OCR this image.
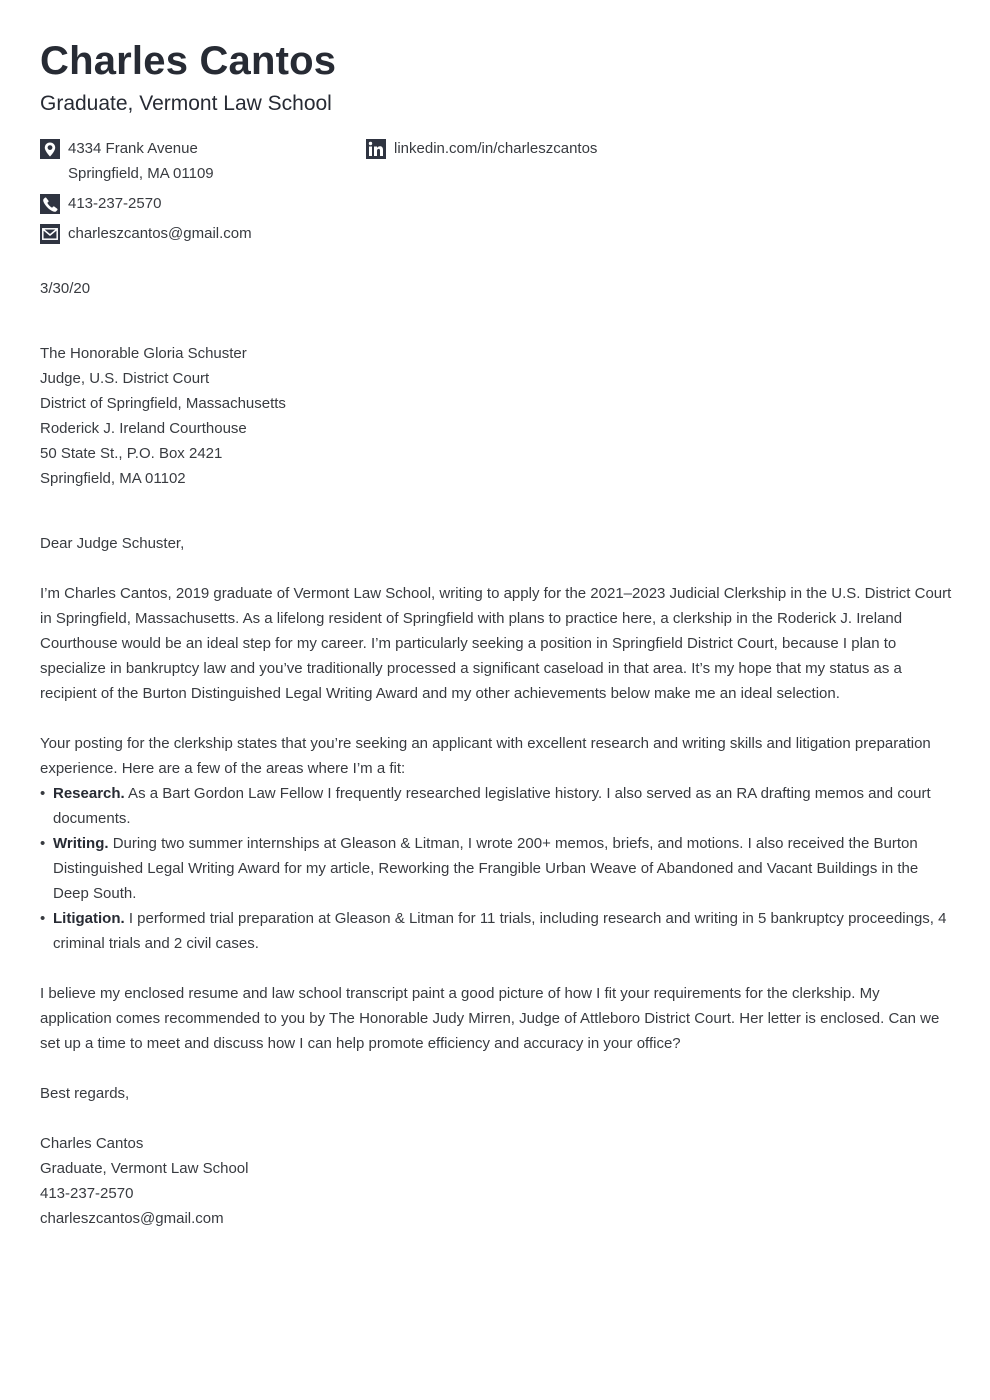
Charles Cantos
Graduate, Vermont Law School
4334 Frank Avenue
Springfield, MA 01109
linkedin.com/in/charleszcantos
413-237-2570
charleszcantos@gmail.com
3/30/20
The Honorable Gloria Schuster
Judge, U.S. District Court
District of Springfield, Massachusetts
Roderick J. Ireland Courthouse
50 State St., P.O. Box 2421
Springfield, MA 01102
Dear Judge Schuster,

I’m Charles Cantos, 2019 graduate of Vermont Law School, writing to apply for the 2021–2023 Judicial Clerkship in the U.S. District Court in Springfield, Massachusetts. As a lifelong resident of Springfield with plans to practice here, a clerkship in the Roderick J. Ireland Courthouse would be an ideal step for my career. I’m particularly seeking a position in Springfield District Court, because I plan to specialize in bankruptcy law and you’ve traditionally processed a significant caseload in that area. It’s my hope that my status as a recipient of the Burton Distinguished Legal Writing Award and my other achievements below make me an ideal selection.

Your posting for the clerkship states that you’re seeking an applicant with excellent research and writing skills and litigation preparation experience. Here are a few of the areas where I’m a fit:
• Research. As a Bart Gordon Law Fellow I frequently researched legislative history. I also served as an RA drafting memos and court documents.
• Writing. During two summer internships at Gleason & Litman, I wrote 200+ memos, briefs, and motions. I also received the Burton Distinguished Legal Writing Award for my article, Reworking the Frangible Urban Weave of Abandoned and Vacant Buildings in the Deep South.
• Litigation. I performed trial preparation at Gleason & Litman for 11 trials, including research and writing in 5 bankruptcy proceedings, 4 criminal trials and 2 civil cases.

I believe my enclosed resume and law school transcript paint a good picture of how I fit your requirements for the clerkship. My application comes recommended to you by The Honorable Judy Mirren, Judge of Attleboro District Court. Her letter is enclosed. Can we set up a time to meet and discuss how I can help promote efficiency and accuracy in your office?

Best regards,
Charles Cantos
Graduate, Vermont Law School
413-237-2570
charleszcantos@gmail.com
